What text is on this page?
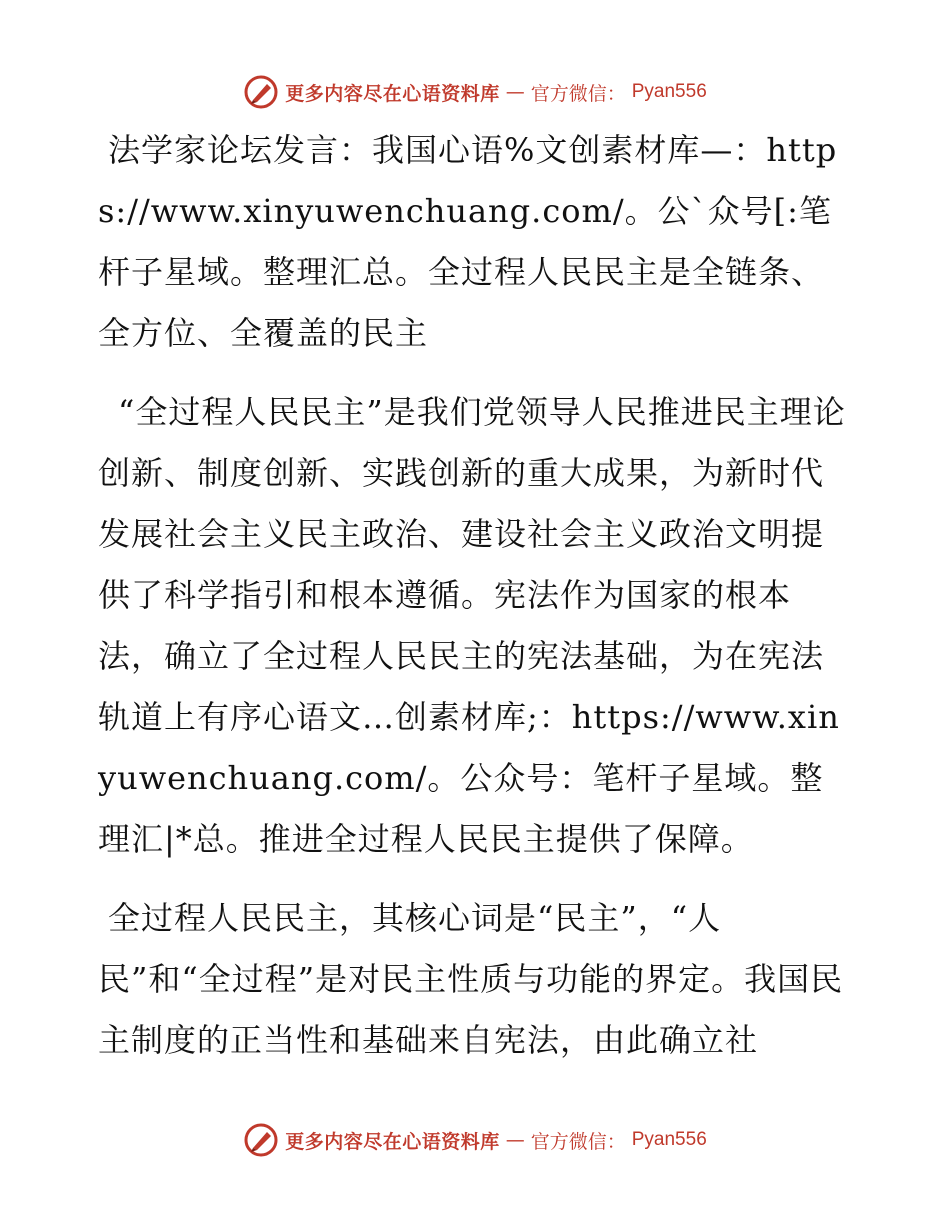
更多内容尽在心语资料库 — 官方微信： Pyan556

法学家论坛发言：我国心语%文创素材库—：https://www.xinyuwenchuang.com/。公`众号[:笔杆子星域。整理汇总。全过程人民民主是全链条、全方位、全覆盖的民主

“全过程人民民主”是我们党领导人民推进民主理论创新、制度创新、实践创新的重大成果，为新时代发展社会主义民主政治、建设社会主义政治文明提供了科学指引和根本遵循。宪法作为国家的根本法，确立了全过程人民民主的宪法基础，为在宪法轨道上有序心语文…创素材库;：https://www.xinyuwenchuang.com/。公众号：笔杆子星域。整理汇|*总。推进全过程人民民主提供了保障。

全过程人民民主，其核心词是“民主”，“人民”和“全过程”是对民主性质与功能的界定。我国民主制度的正当性和基础来自宪法，由此确立社

更多内容尽在心语资料库 — 官方微信： Pyan556
